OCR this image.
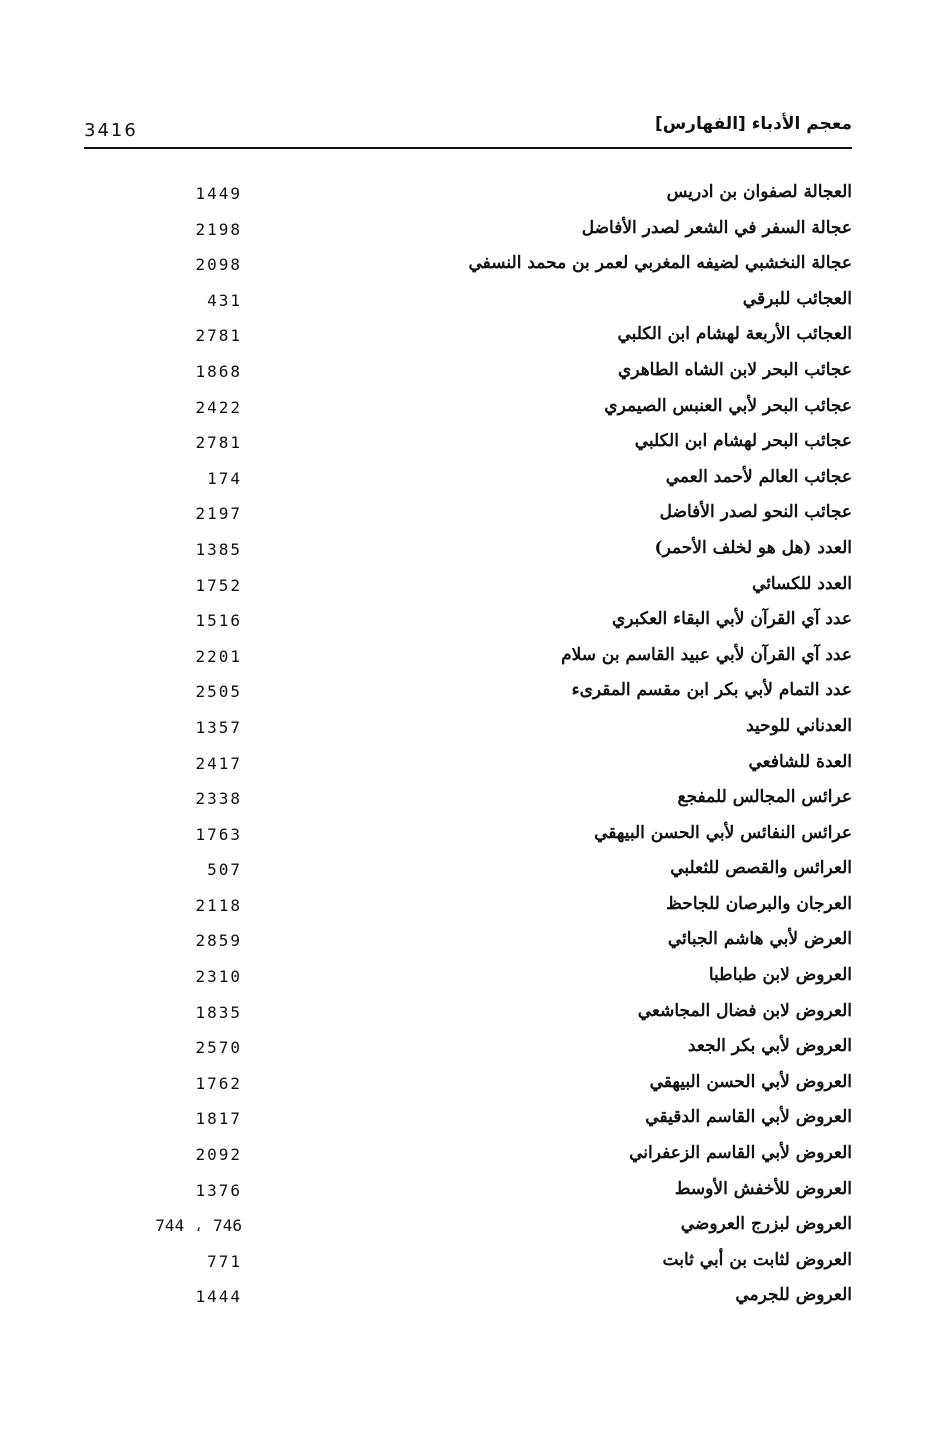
3416	معجم الأدباء [الفهارس]
العجالة لصفوان بن ادريس
1449
عجالة السفر في الشعر لصدر الأفاضل
2198
عجالة النخشبي لضيفه المغربي لعمر بن محمد النسفي
2098
العجائب للبرقي
431
العجائب الأربعة لهشام ابن الكلبي
2781
عجائب البحر لابن الشاه الطاهري
1868
عجائب البحر لأبي العنبس الصيمري
2422
عجائب البحر لهشام ابن الكلبي
2781
عجائب العالم لأحمد العمي
174
عجائب النحو لصدر الأفاضل
2197
العدد (هل هو لخلف الأحمر)
1385
العدد للكسائي
1752
عدد آي القرآن لأبي البقاء العكبري
1516
عدد آي القرآن لأبي عبيد القاسم بن سلام
2201
عدد التمام لأبي بكر ابن مقسم المقرىء
2505
العدناني للوحيد
1357
العدة للشافعي
2417
عرائس المجالس للمفجع
2338
عرائس النفائس لأبي الحسن البيهقي
1763
العرائس والقصص للثعلبي
507
العرجان والبرصان للجاحظ
2118
العرض لأبي هاشم الجبائي
2859
العروض لابن طباطبا
2310
العروض لابن فضال المجاشعي
1835
العروض لأبي بكر الجعد
2570
العروض لأبي الحسن البيهقي
1762
العروض لأبي القاسم الدقيقي
1817
العروض لأبي القاسم الزعفراني
2092
العروض للأخفش الأوسط
1376
العروض لبزرج العروضي
744 ، 746
العروض لثابت بن أبي ثابت
771
العروض للجرمي
1444
